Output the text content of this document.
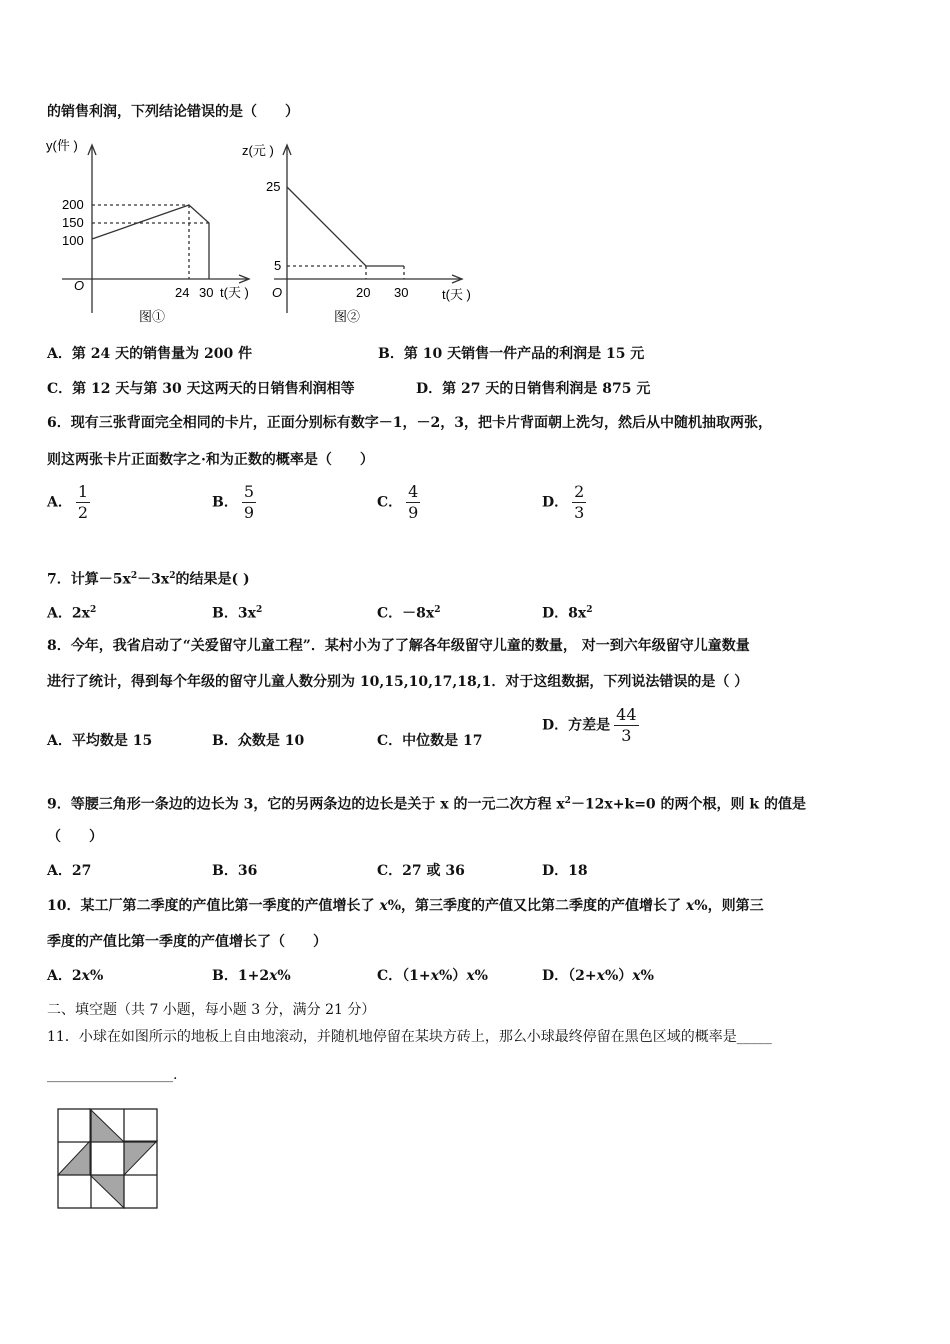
的销售利润，下列结论错误的是（　　）
y(件 )
200
150
100
O	24 30 t(天 )
图①
z(元 )
25
5
O	20 30	t(天 )
图②
A．第 24 天的销售量为 200 件	B．第 10 天销售一件产品的利润是 15 元
C．第 12 天与第 30 天这两天的日销售利润相等	D．第 27 天的日销售利润是 875 元
6．现有三张背面完全相同的卡片，正面分别标有数字－1，－2，3，把卡片背面朝上洗匀，然后从中随机抽取两张，
则这两张卡片正面数字之·和为正数的概率是（　　）
A． $\frac{1}{2}$	B． $\frac{5}{9}$	C． $\frac{4}{9}$	D． $\frac{2}{3}$
7．计算$-5x^2-3x^2$的结果是( )
A．$2x^2$	B．$3x^2$	C．$-8x^2$	D．$8x^2$
8．今年，我省启动了“关爱留守儿童工程”．某村小为了了解各年级留守儿童的数量， 对一到六年级留守儿童数量
进行了统计，得到每个年级的留守儿童人数分别为 10,15,10,17,18,1．对于这组数据，下列说法错误的是（ ）
A．平均数是 15	B．众数是 10	C．中位数是 17
D．方差是 $\frac{44}{3}$
9．等腰三角形一条边的边长为 3，它的另两条边的边长是关于 x 的一元二次方程 $x^2-12x+k=0$ 的两个根，则 k 的值是
（　　）
A．27	B．36	C．27 或 36	D．18
10．某工厂第二季度的产值比第一季度的产值增长了 x%，第三季度的产值又比第二季度的产值增长了 x%，则第三
季度的产值比第一季度的产值增长了（　　）
A．2x%	B．1+2x%	C．（1+x%）x%	D．（2+x%）x%
二、填空题（共 7 小题，每小题 3 分，满分 21 分）
11．小球在如图所示的地板上自由地滚动，并随机地停留在某块方砖上，那么小球最终停留在黑色区域的概率是_____
__________________.
